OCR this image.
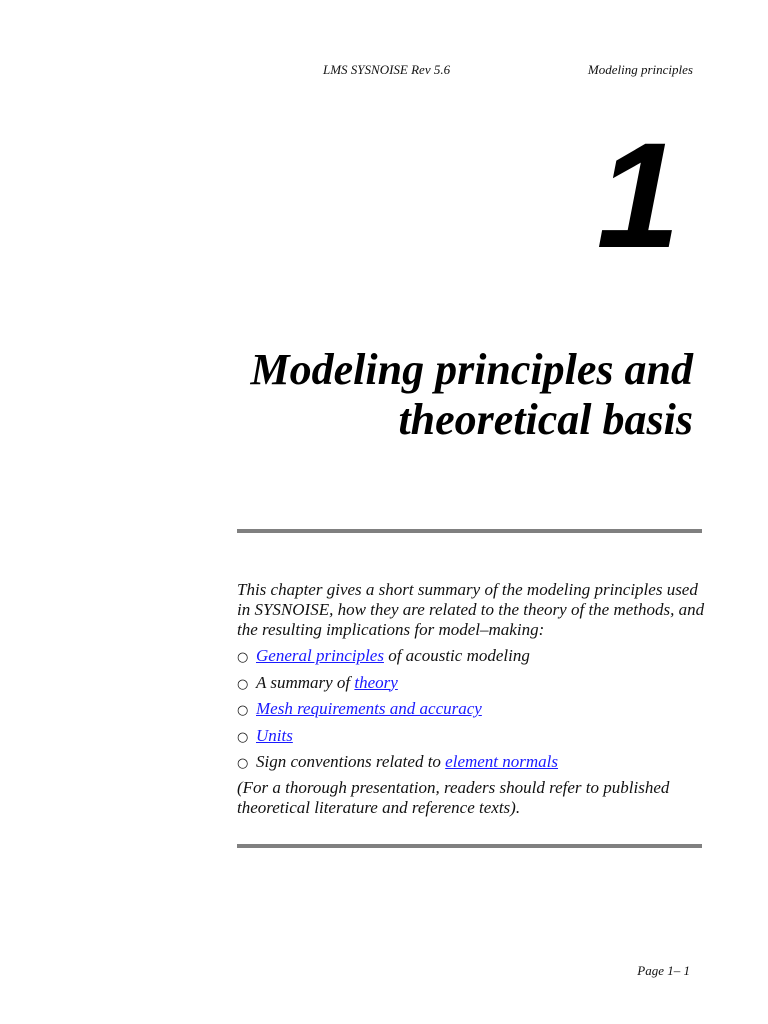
LMS SYSNOISE Rev 5.6	Modeling principles
1
Modeling principles and
theoretical basis
This chapter gives a short summary of the modeling principles used in SYSNOISE, how they are related to the theory of the methods, and the resulting implications for model–making:
○ General principles of acoustic modeling
○ A summary of theory
○ Mesh requirements and accuracy
○ Units
○ Sign conventions related to element normals
(For a thorough presentation, readers should refer to published theoretical literature and reference texts).
Page 1– 1
